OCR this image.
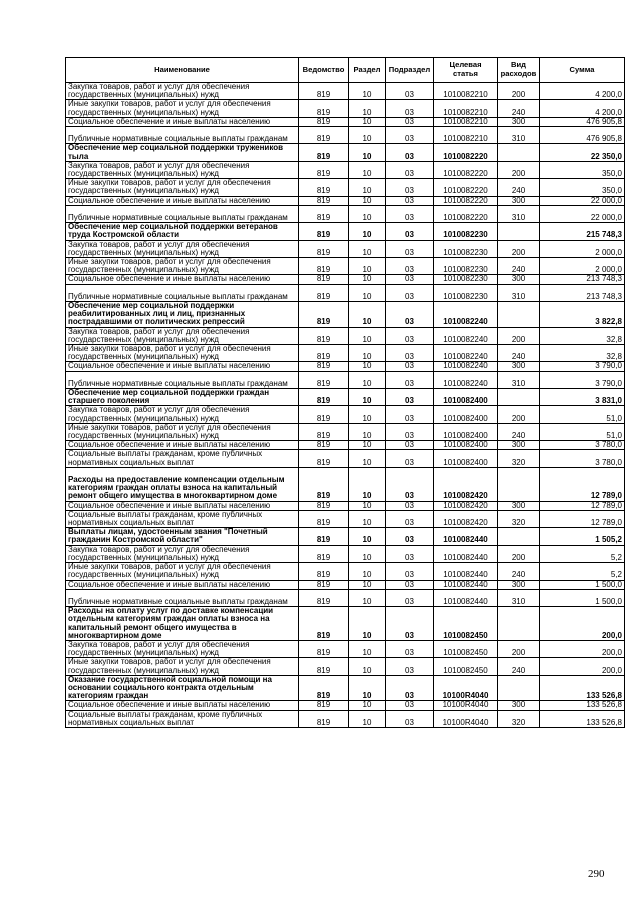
Наименование	Ведомство	Раздел	Подраздел	Целевая статья	Вид расходов	Сумма
Закупка товаров, работ и услуг для обеспечения государственных (муниципальных) нужд	819	10	03	1010082210	200	4 200,0
Иные закупки товаров, работ и услуг для обеспечения государственных (муниципальных) нужд	819	10	03	1010082210	240	4 200,0
Социальное обеспечение и иные выплаты населению	819	10	03	1010082210	300	476 905,8
Публичные нормативные социальные выплаты гражданам	819	10	03	1010082210	310	476 905,8
Обеспечение мер социальной поддержки тружеников тыла	819	10	03	1010082220		22 350,0
Закупка товаров, работ и услуг для обеспечения государственных (муниципальных) нужд	819	10	03	1010082220	200	350,0
Иные закупки товаров, работ и услуг для обеспечения государственных (муниципальных) нужд	819	10	03	1010082220	240	350,0
Социальное обеспечение и иные выплаты населению	819	10	03	1010082220	300	22 000,0
Публичные нормативные социальные выплаты гражданам	819	10	03	1010082220	310	22 000,0
Обеспечение мер социальной поддержки ветеранов труда Костромской области	819	10	03	1010082230		215 748,3
Закупка товаров, работ и услуг для обеспечения государственных (муниципальных) нужд	819	10	03	1010082230	200	2 000,0
Иные закупки товаров, работ и услуг для обеспечения государственных (муниципальных) нужд	819	10	03	1010082230	240	2 000,0
Социальное обеспечение и иные выплаты населению	819	10	03	1010082230	300	213 748,3
Публичные нормативные социальные выплаты гражданам	819	10	03	1010082230	310	213 748,3
Обеспечение мер социальной поддержки реабилитированных лиц и лиц, признанных пострадавшими от политических репрессий	819	10	03	1010082240		3 822,8
Закупка товаров, работ и услуг для обеспечения государственных (муниципальных) нужд	819	10	03	1010082240	200	32,8
Иные закупки товаров, работ и услуг для обеспечения государственных (муниципальных) нужд	819	10	03	1010082240	240	32,8
Социальное обеспечение и иные выплаты населению	819	10	03	1010082240	300	3 790,0
Публичные нормативные социальные выплаты гражданам	819	10	03	1010082240	310	3 790,0
Обеспечение мер социальной поддержки граждан старшего поколения	819	10	03	1010082400		3 831,0
Закупка товаров, работ и услуг для обеспечения государственных (муниципальных) нужд	819	10	03	1010082400	200	51,0
Иные закупки товаров, работ и услуг для обеспечения государственных (муниципальных) нужд	819	10	03	1010082400	240	51,0
Социальное обеспечение и иные выплаты населению	819	10	03	1010082400	300	3 780,0
Социальные выплаты гражданам, кроме публичных нормативных социальных выплат	819	10	03	1010082400	320	3 780,0
Расходы на предоставление компенсации отдельным категориям граждан оплаты взноса на капитальный ремонт общего имущества в многоквартирном доме	819	10	03	1010082420		12 789,0
Социальное обеспечение и иные выплаты населению	819	10	03	1010082420	300	12 789,0
Социальные выплаты гражданам, кроме публичных нормативных социальных выплат	819	10	03	1010082420	320	12 789,0
Выплаты лицам, удостоенным звания "Почетный гражданин Костромской области"	819	10	03	1010082440		1 505,2
Закупка товаров, работ и услуг для обеспечения государственных (муниципальных) нужд	819	10	03	1010082440	200	5,2
Иные закупки товаров, работ и услуг для обеспечения государственных (муниципальных) нужд	819	10	03	1010082440	240	5,2
Социальное обеспечение и иные выплаты населению	819	10	03	1010082440	300	1 500,0
Публичные нормативные социальные выплаты гражданам	819	10	03	1010082440	310	1 500,0
Расходы на оплату услуг по доставке компенсации отдельным категориям граждан оплаты взноса на капитальный ремонт общего имущества в многоквартирном доме	819	10	03	1010082450		200,0
Закупка товаров, работ и услуг для обеспечения государственных (муниципальных) нужд	819	10	03	1010082450	200	200,0
Иные закупки товаров, работ и услуг для обеспечения государственных (муниципальных) нужд	819	10	03	1010082450	240	200,0
Оказание государственной социальной помощи на основании социального контракта отдельным категориям граждан	819	10	03	10100R4040		133 526,8
Социальное обеспечение и иные выплаты населению	819	10	03	10100R4040	300	133 526,8
Социальные выплаты гражданам, кроме публичных нормативных социальных выплат	819	10	03	10100R4040	320	133 526,8
290
